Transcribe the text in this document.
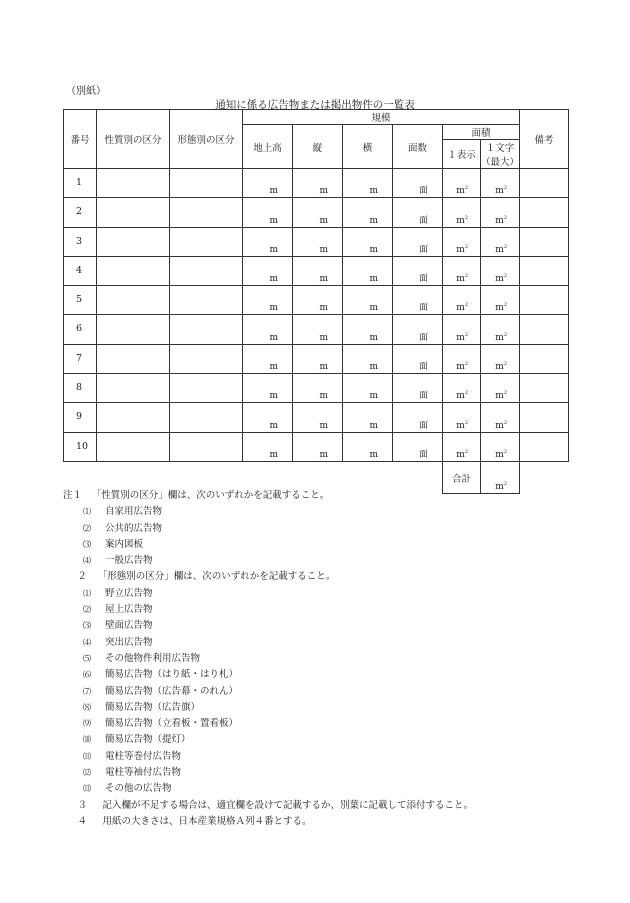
（別紙）
通知に係る広告物または掲出物件の一覧表
番号	性質別の区分	形態別の区分	規模						備考
			地上高	縦	横	面数	面積		
							１表示	１文字
（最大）	

1			m	m	m	面	$m^2$	$m^2$	
2			m	m	m	面	$m^2$	$m^2$	
3			m	m	m	面	$m^2$	$m^2$	
4			m	m	m	面	$m^2$	$m^2$	
5			m	m	m	面	$m^2$	$m^2$	
6			m	m	m	面	$m^2$	$m^2$	
7			m	m	m	面	$m^2$	$m^2$	
8			m	m	m	面	$m^2$	$m^2$	
9			m	m	m	面	$m^2$	$m^2$	
10			m	m	m	面	$m^2$	$m^2$	
							合計	$m^2$	
注１　 「性質別の区分」欄は、次のいずれかを記載すること。
⑴ 自家用広告物
⑵ 公共的広告物
⑶ 案内図板
⑷ 一般広告物
２　 「形態別の区分」欄は、次のいずれかを記載すること。
⑴ 野立広告物
⑵ 屋上広告物
⑶ 壁面広告物
⑷ 突出広告物
⑸ その他物件利用広告物
⑹ 簡易広告物（はり紙・はり札）
⑺ 簡易広告物（広告幕・のれん）
⑻ 簡易広告物（広告旗）
⑼ 簡易広告物（立看板・置看板）
⑽ 簡易広告物（提灯）
⑾ 電柱等巻付広告物
⑿ 電柱等袖付広告物
⒀ その他の広告物
３　 記入欄が不足する場合は、適宜欄を設けて記載するか、別葉に記載して添付すること。
４　 用紙の大きさは、日本産業規格Ａ列４番とする。
